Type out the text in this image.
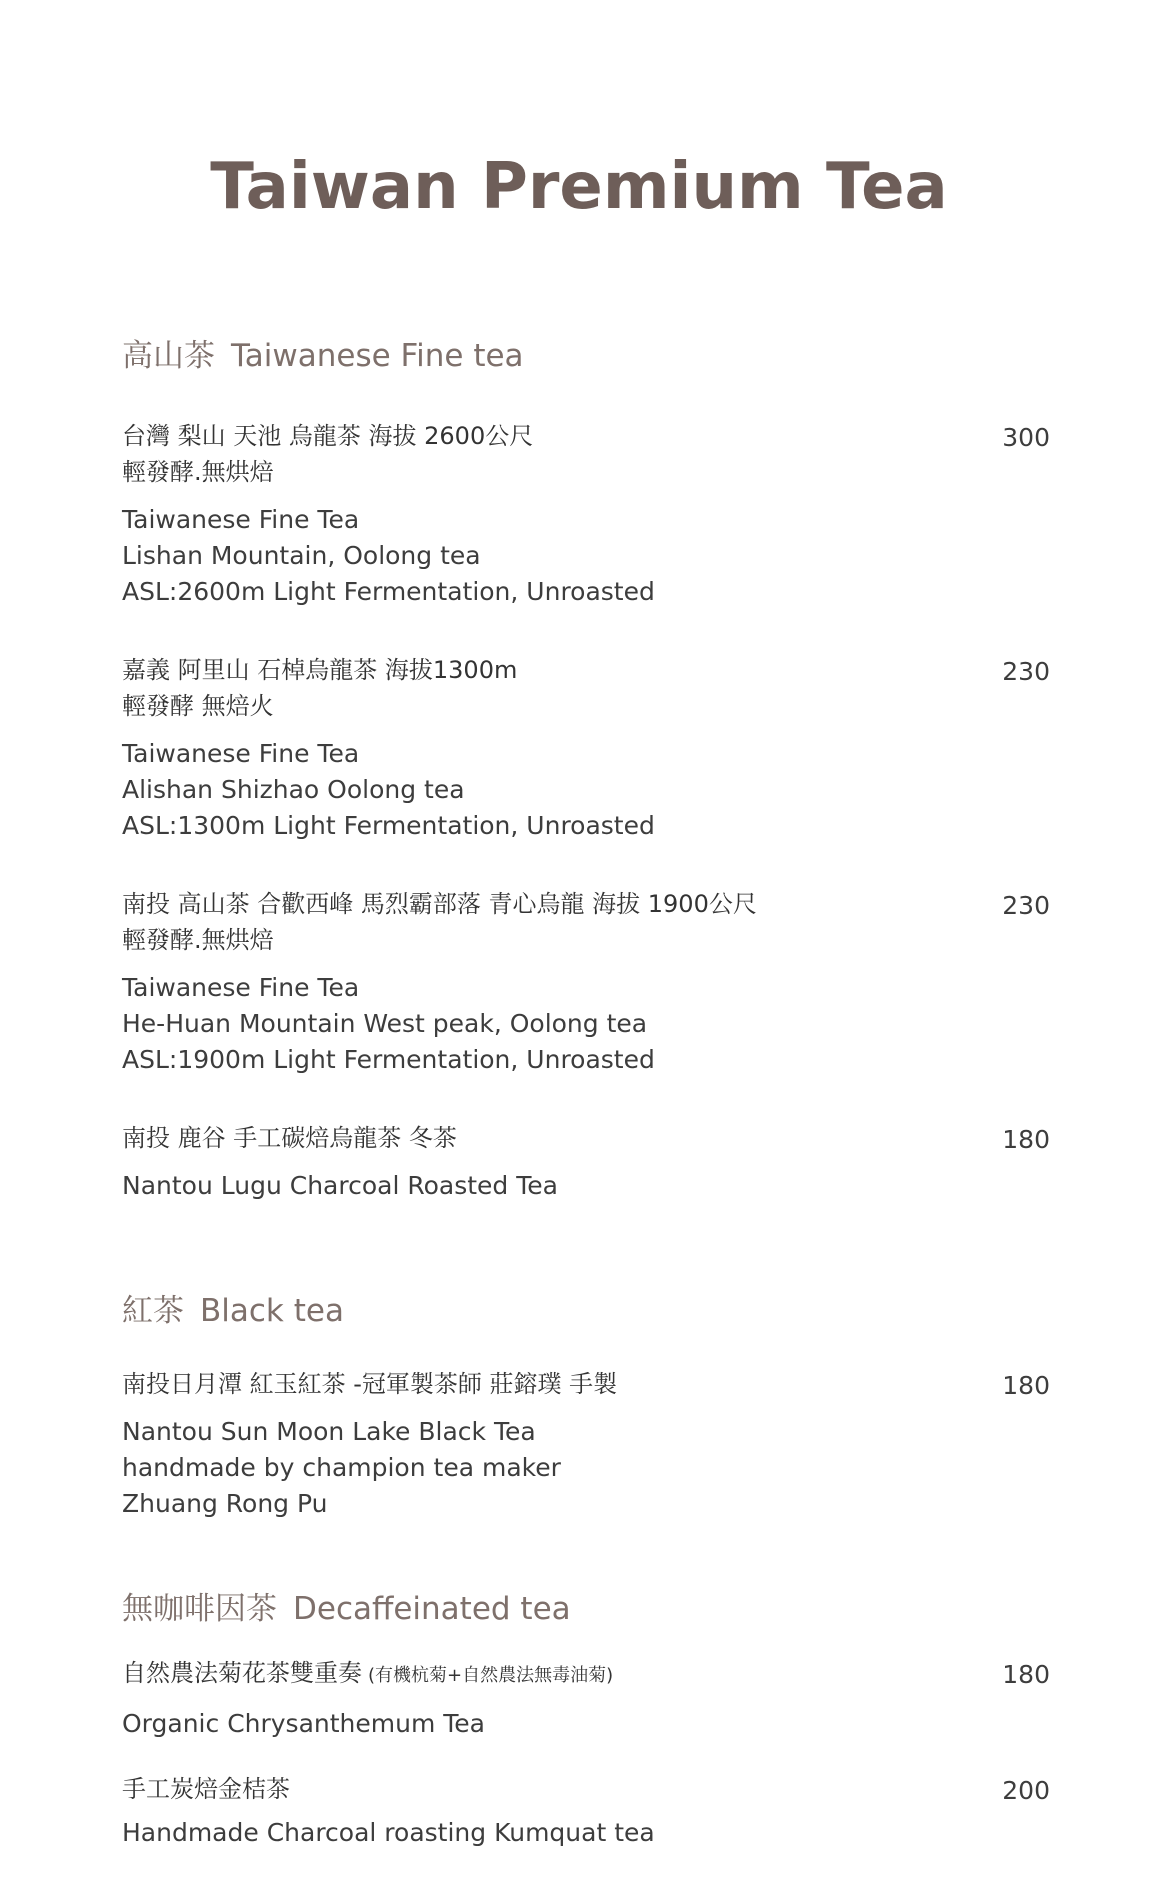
Taiwan Premium Tea
高山茶 Taiwanese Fine tea
台灣 梨山 天池 烏龍茶 海拔 2600公尺
輕發酵.無烘焙
Taiwanese Fine Tea
Lishan Mountain, Oolong tea
ASL:2600m Light Fermentation, Unroasted
300
嘉義 阿里山 石棹烏龍茶 海拔1300m
輕發酵 無焙火
Taiwanese Fine Tea
Alishan Shizhao Oolong tea
ASL:1300m Light Fermentation, Unroasted
230
南投 高山茶 合歡西峰 馬烈霸部落 青心烏龍 海拔 1900公尺
輕發酵.無烘焙
Taiwanese Fine Tea
He-Huan Mountain West peak, Oolong tea
ASL:1900m Light Fermentation, Unroasted
230
南投 鹿谷 手工碳焙烏龍茶 冬茶
Nantou Lugu Charcoal Roasted Tea
180
紅茶 Black tea
南投日月潭 紅玉紅茶 -冠軍製茶師 莊鎔璞 手製
Nantou Sun Moon Lake Black Tea
handmade by champion tea maker
Zhuang Rong Pu
180
無咖啡因茶 Decaffeinated tea
自然農法菊花茶雙重奏 (有機杭菊+自然農法無毒油菊)
Organic Chrysanthemum Tea
180
手工炭焙金桔茶
Handmade Charcoal roasting Kumquat tea
200
